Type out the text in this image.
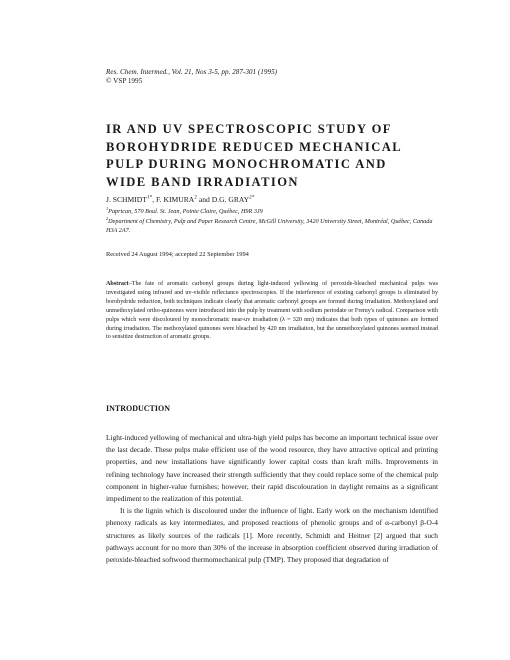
Res. Chem. Intermed., Vol. 21, Nos 3-5, pp. 287-301 (1995)
© VSP 1995
IR AND UV SPECTROSCOPIC STUDY OF BOROHYDRIDE REDUCED MECHANICAL PULP DURING MONOCHROMATIC AND WIDE BAND IRRADIATION
J. $SCHMIDT^{1*}$, F. KIMURA$^2$ and D.G. $GRAY^{2*}$

$^1$Paprican, 570 Boul. St. Jean, Pointe Claire, Québec, H9R 3J9

$^2$Department of Chemistry, Pulp and Paper Research Centre, McGill University, 3420 University Street, Montréal, Québec, Canada H3A 2A7.

Received 24 August 1994; accepted 22 September 1994
Abstract–The fate of aromatic carbonyl groups during light-induced yellowing of peroxide-bleached mechanical pulps was investigated using infrared and uv-visible reflectance spectroscopies. If the interference of existing carbonyl groups is eliminated by borohydride reduction, both techniques indicate clearly that aromatic carbonyl groups are formed during irradiation. Methoxylated and unmethoxylated ortho-quinones were introduced into the pulp by treatment with sodium periodate or Fremy's radical. Comparison with pulps which were discoloured by monochromatic near-uv irradiation (λ = 320 nm) indicates that both types of quinones are formed during irradiation. The methoxylated quinones were bleached by 420 nm irradiation, but the unmethoxylated quinones seemed instead to sensitize destruction of aromatic groups.
INTRODUCTION

Light-induced yellowing of mechanical and ultra-high yield pulps has become an important technical issue over the last decade. These pulps make efficient use of the wood resource, they have attractive optical and printing properties, and new installations have significantly lower capital costs than kraft mills. Improvements in refining technology have increased their strength sufficiently that they could replace some of the chemical pulp component in higher-value furnishes; however, their rapid discolouration in daylight remains as a significant impediment to the realization of this potential.

It is the lignin which is discoloured under the influence of light. Early work on the mechanism identified phenoxy radicals as key intermediates, and proposed reactions of phenolic groups and of α-carbonyl β-O-4 structures as likely sources of the radicals [1]. More recently, Schmidt and Heitner [2] argued that such pathways account for no more than 30% of the increase in absorption coefficient observed during irradiation of peroxide-bleached softwood thermomechanical pulp (TMP). They proposed that degradation of
